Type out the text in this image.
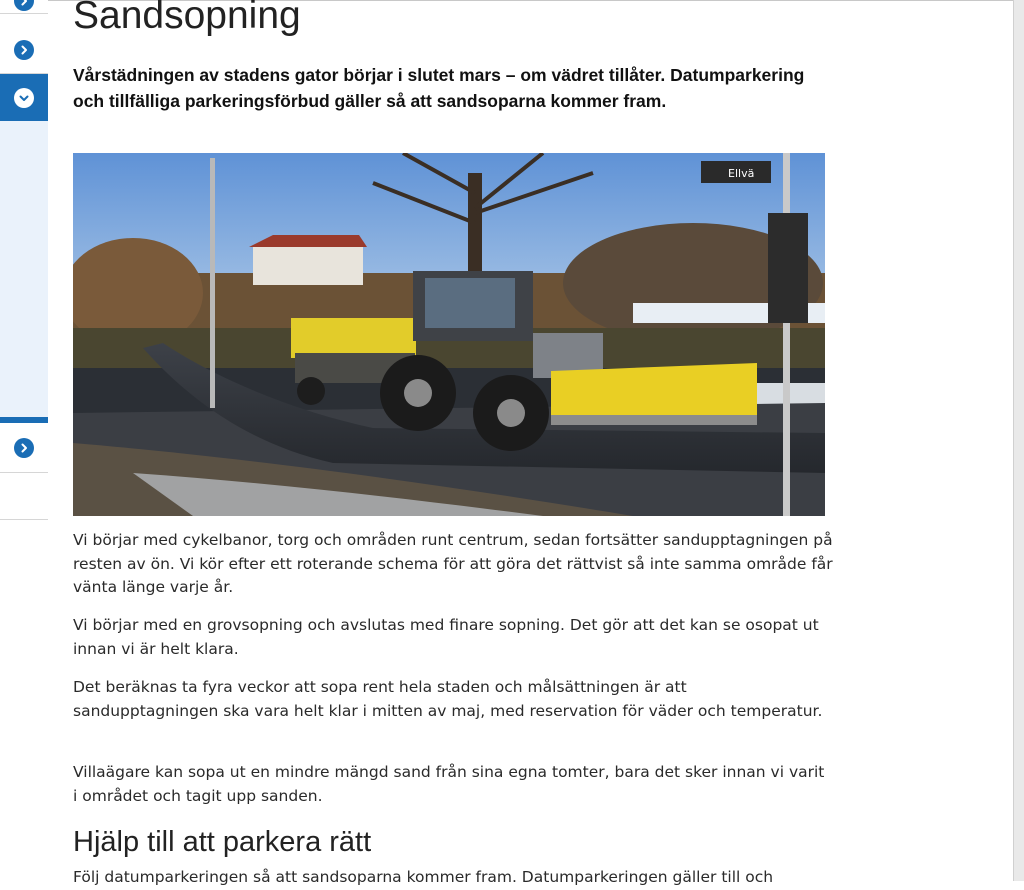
Sandsopning

Vårstädningen av stadens gator börjar i slutet mars – om vädret tillåter. Datumparkering och tillfälliga parkeringsförbud gäller så att sandsoparna kommer fram.

Ellvä

Vi börjar med cykelbanor, torg och områden runt centrum, sedan fortsätter sandupptagningen på resten av ön. Vi kör efter ett roterande schema för att göra det rättvist så inte samma område får vänta länge varje år.

Vi börjar med en grovsopning och avslutas med finare sopning. Det gör att det kan se osopat ut innan vi är helt klara.

Det beräknas ta fyra veckor att sopa rent hela staden och målsättningen är att sandupptagningen ska vara helt klar i mitten av maj, med reservation för väder och temperatur.

Villaägare kan sopa ut en mindre mängd sand från sina egna tomter, bara det sker innan vi varit i området och tagit upp sanden.

Hjälp till att parkera rätt

Följ datumparkeringen så att sandsoparna kommer fram. Datumparkeringen gäller till och
